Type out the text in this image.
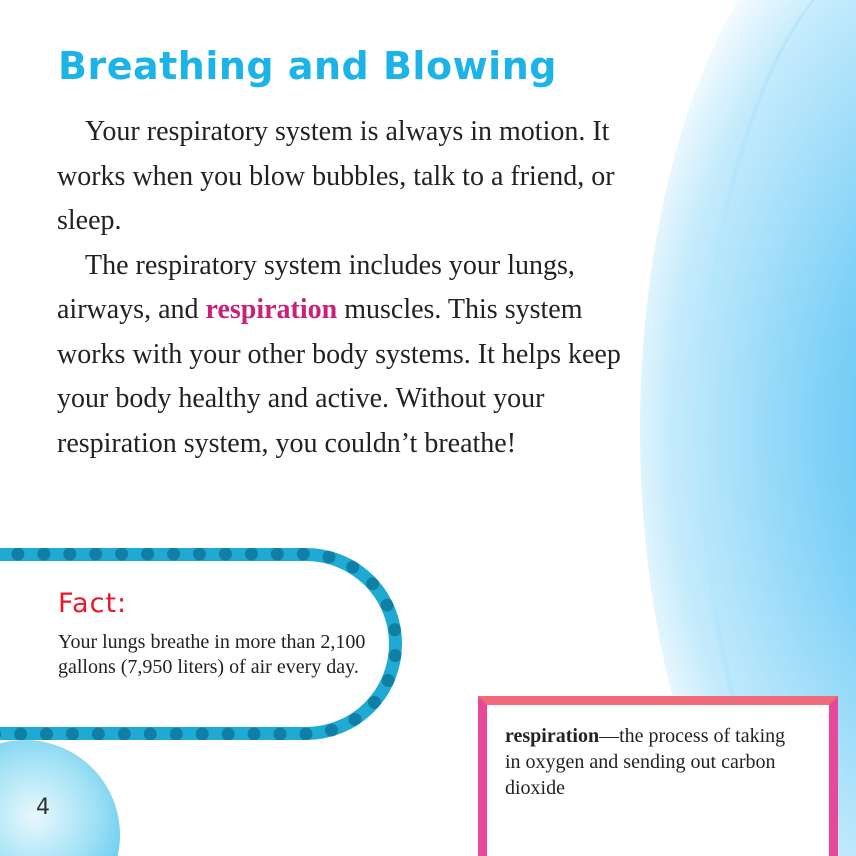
Breathing and Blowing

Your respiratory system is always in motion. It works when you blow bubbles, talk to a friend, or sleep.

The respiratory system includes your lungs, airways, and respiration muscles. This system works with your other body systems. It helps keep your body healthy and active. Without your respiration system, you couldn’t breathe!

Fact:

Your lungs breathe in more than 2,100 gallons (7,950 liters) of air every day.

respiration—the process of taking in oxygen and sending out carbon dioxide

4
